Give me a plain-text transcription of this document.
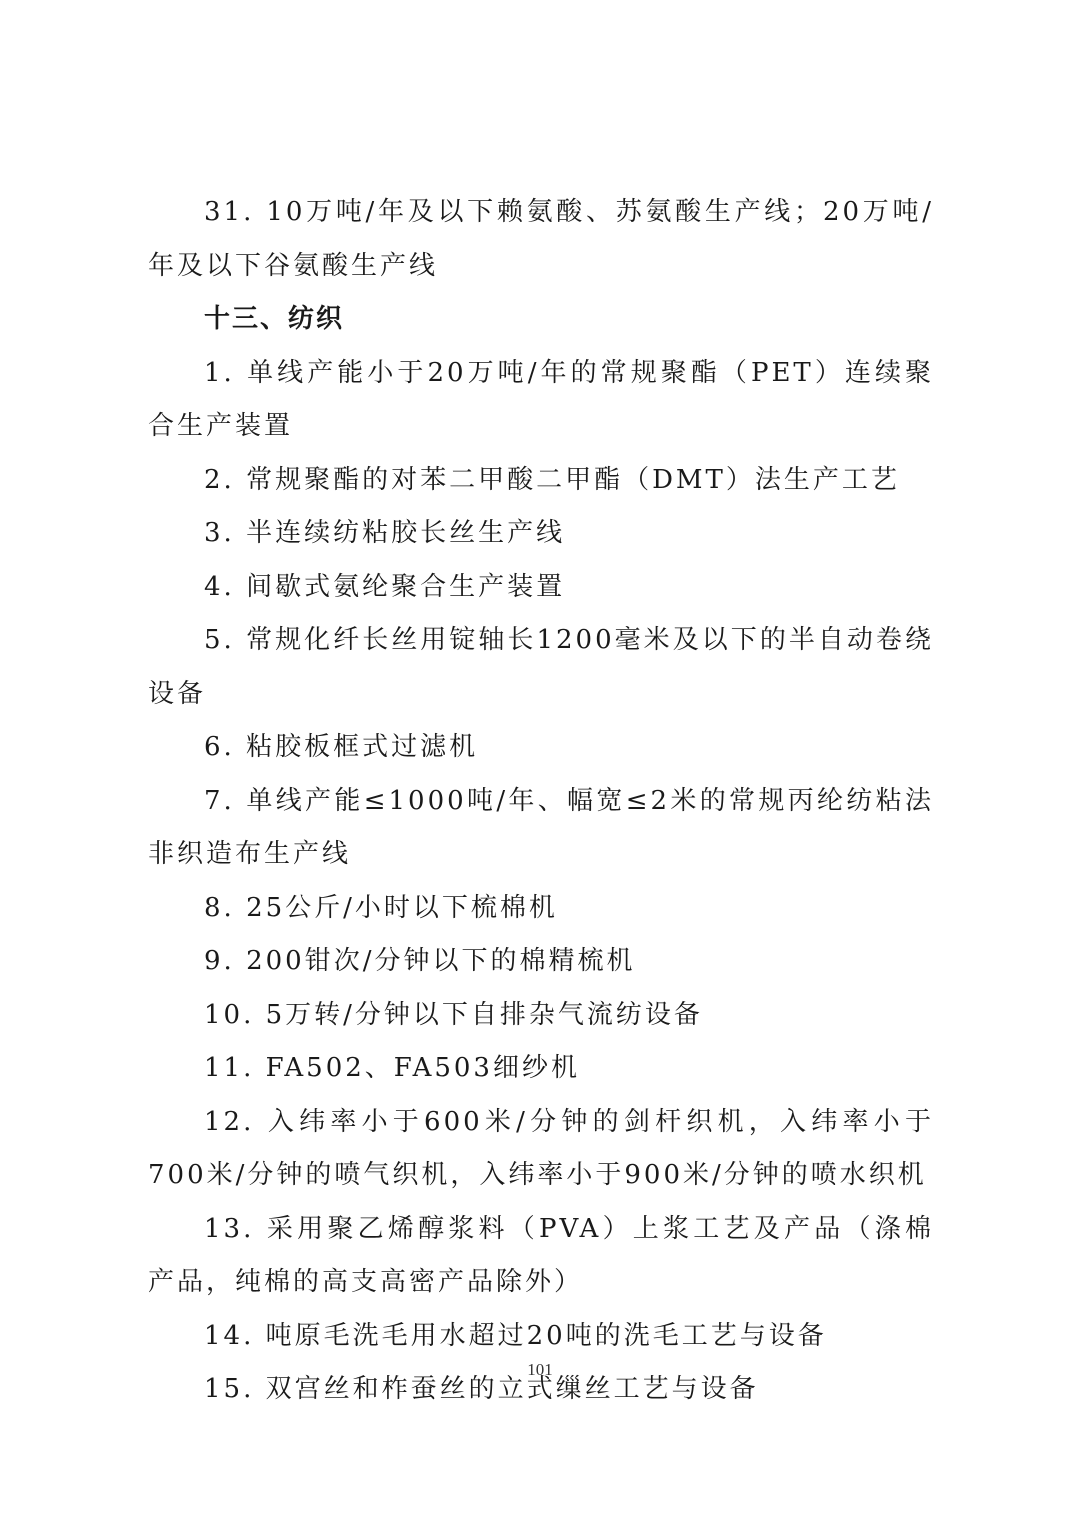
31. 10万吨/年及以下赖氨酸、苏氨酸生产线；20万吨/年及以下谷氨酸生产线

十三、纺织

1. 单线产能小于20万吨/年的常规聚酯（PET）连续聚合生产装置

2. 常规聚酯的对苯二甲酸二甲酯（DMT）法生产工艺

3. 半连续纺粘胶长丝生产线

4. 间歇式氨纶聚合生产装置

5. 常规化纤长丝用锭轴长1200毫米及以下的半自动卷绕设备

6. 粘胶板框式过滤机

7. 单线产能≤1000吨/年、幅宽≤2米的常规丙纶纺粘法非织造布生产线

8. 25公斤/小时以下梳棉机

9. 200钳次/分钟以下的棉精梳机

10. 5万转/分钟以下自排杂气流纺设备

11. FA502、FA503细纱机

12. 入纬率小于600米/分钟的剑杆织机，入纬率小于700米/分钟的喷气织机，入纬率小于900米/分钟的喷水织机

13. 采用聚乙烯醇浆料（PVA）上浆工艺及产品（涤棉产品，纯棉的高支高密产品除外）

14. 吨原毛洗毛用水超过20吨的洗毛工艺与设备

15. 双宫丝和柞蚕丝的立式缫丝工艺与设备

101
